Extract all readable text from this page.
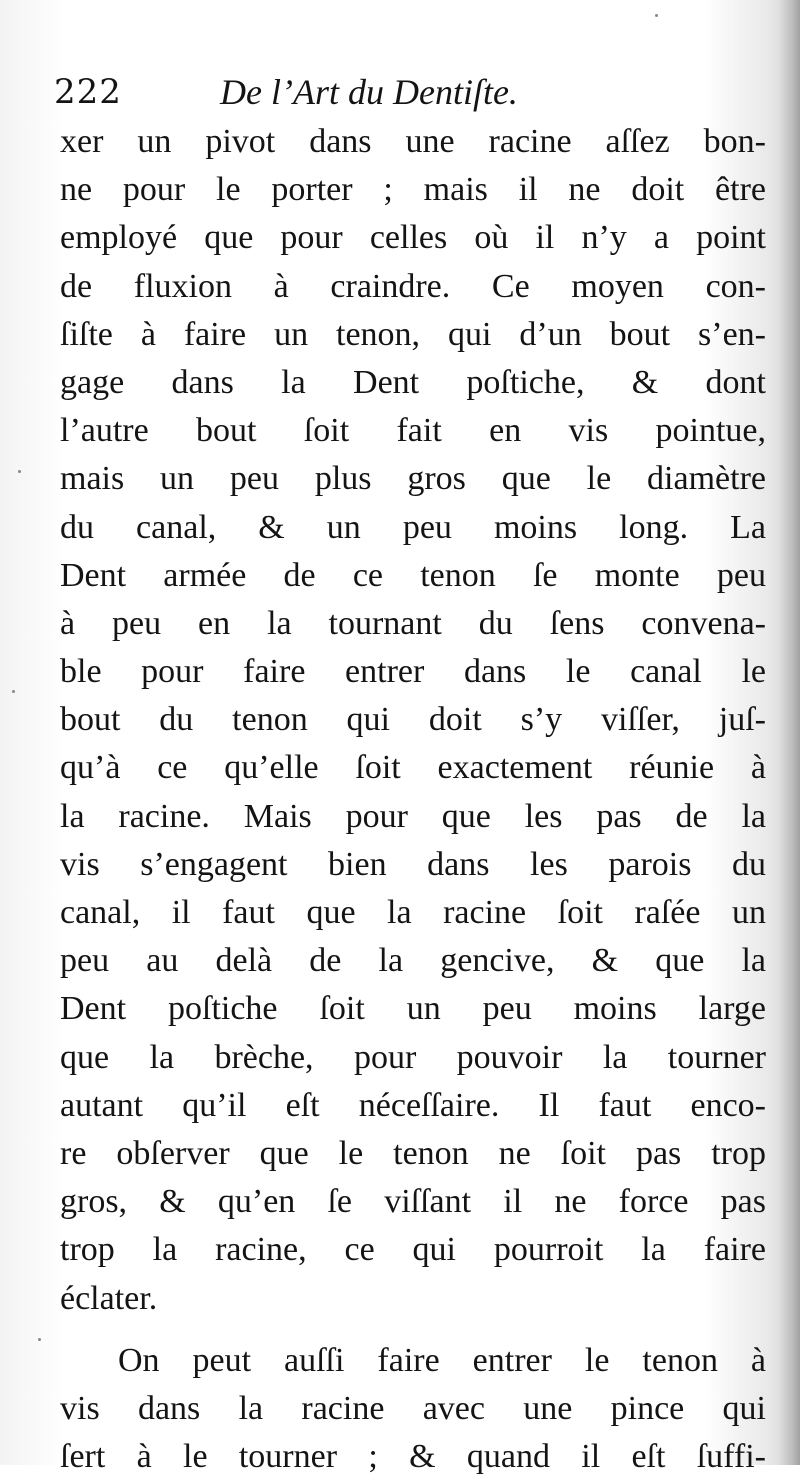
222	De l’Art du Dentiſte.
xer un pivot dans une racine aſſez bon-
ne pour le porter ; mais il ne doit être
employé que pour celles où il n’y a point
de fluxion à craindre. Ce moyen con-
ſiſte à faire un tenon, qui d’un bout s’en-
gage dans la Dent poſtiche, & dont
l’autre bout ſoit fait en vis pointue,
mais un peu plus gros que le diamètre
du canal, & un peu moins long. La
Dent armée de ce tenon ſe monte peu
à peu en la tournant du ſens convena-
ble pour faire entrer dans le canal le
bout du tenon qui doit s’y viſſer, juſ-
qu’à ce qu’elle ſoit exactement réunie à
la racine. Mais pour que les pas de la
vis s’engagent bien dans les parois du
canal, il faut que la racine ſoit raſée un
peu au delà de la gencive, & que la
Dent poſtiche ſoit un peu moins large
que la brèche, pour pouvoir la tourner
autant qu’il eſt néceſſaire. Il faut enco-
re obſerver que le tenon ne ſoit pas trop
gros, & qu’en ſe viſſant il ne force pas
trop la racine, ce qui pourroit la faire
éclater.
On peut auſſi faire entrer le tenon à
vis dans la racine avec une pince qui
ſert à le tourner ; & quand il eſt ſuffi-
